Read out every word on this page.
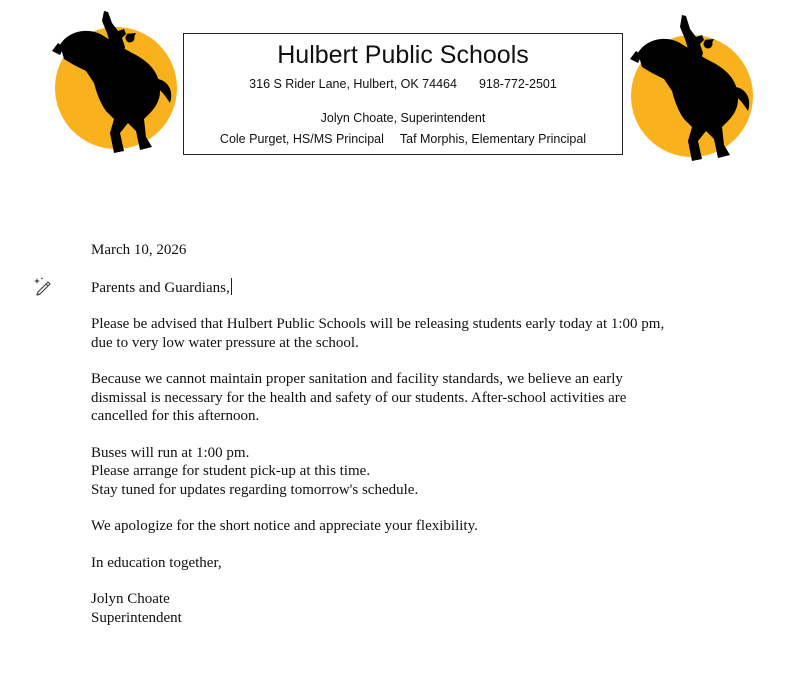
Hulbert Public Schools
316 S Rider Lane, Hulbert, OK 74464 918-772-2501
Jolyn Choate, Superintendent
Cole Purget, HS/MS Principal Taf Morphis, Elementary Principal

March 10, 2026

Parents and Guardians,

Please be advised that Hulbert Public Schools will be releasing students early today at 1:00 pm,

due to very low water pressure at the school.

Because we cannot maintain proper sanitation and facility standards, we believe an early

dismissal is necessary for the health and safety of our students. After-school activities are

cancelled for this afternoon.

Buses will run at 1:00 pm.

Please arrange for student pick-up at this time.

Stay tuned for updates regarding tomorrow's schedule.

We apologize for the short notice and appreciate your flexibility.

In education together,

Jolyn Choate

Superintendent
